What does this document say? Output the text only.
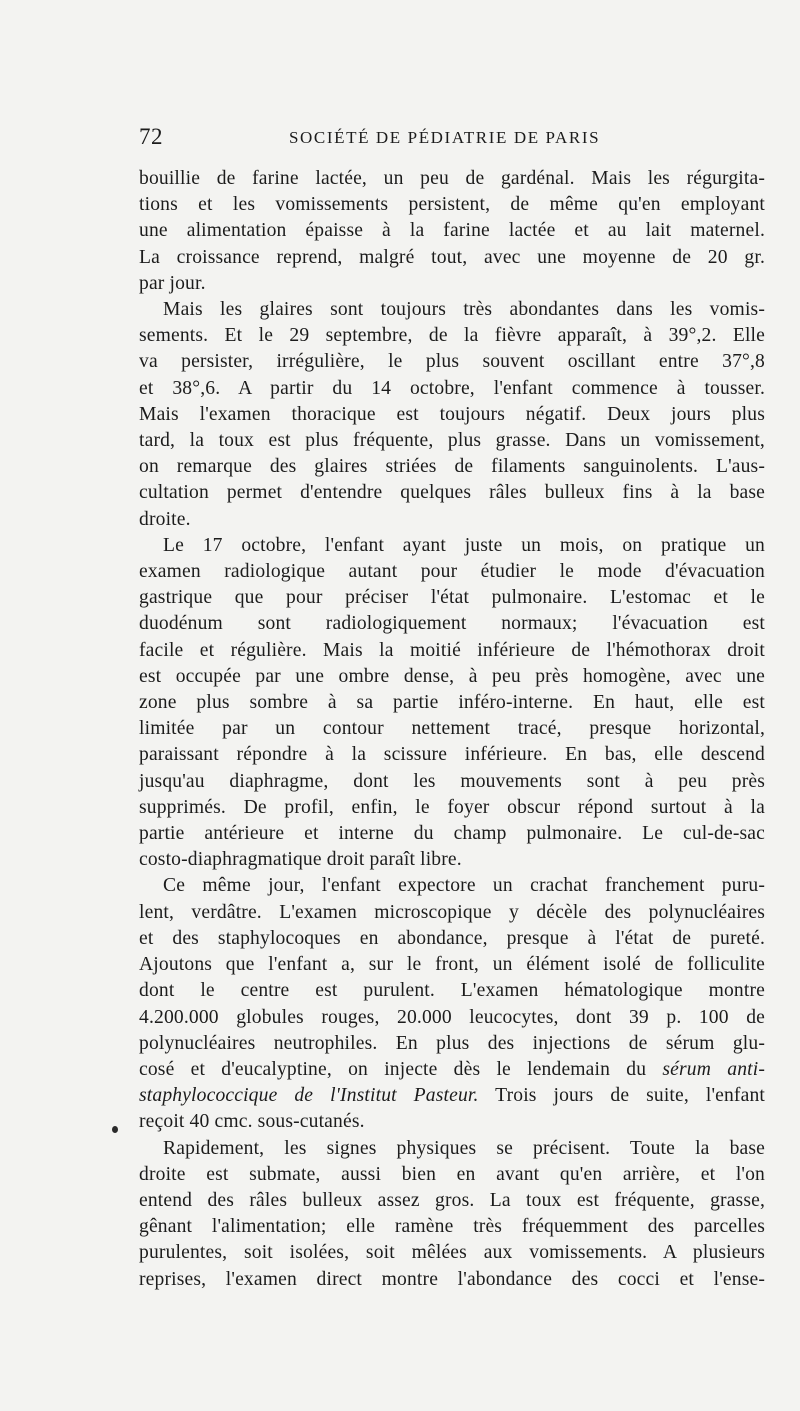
72	SOCIÉTÉ DE PÉDIATRIE DE PARIS

bouillie de farine lactée, un peu de gardénal. Mais les régurgita-
tions et les vomissements persistent, de même qu'en employant
une alimentation épaisse à la farine lactée et au lait maternel.
La croissance reprend, malgré tout, avec une moyenne de 20 gr.
par jour.

Mais les glaires sont toujours très abondantes dans les vomis-
sements. Et le 29 septembre, de la fièvre apparaît, à 39°,2. Elle
va persister, irrégulière, le plus souvent oscillant entre 37°,8
et 38°,6. A partir du 14 octobre, l'enfant commence à tousser.
Mais l'examen thoracique est toujours négatif. Deux jours plus
tard, la toux est plus fréquente, plus grasse. Dans un vomissement,
on remarque des glaires striées de filaments sanguinolents. L'aus-
cultation permet d'entendre quelques râles bulleux fins à la base
droite.

Le 17 octobre, l'enfant ayant juste un mois, on pratique un
examen radiologique autant pour étudier le mode d'évacuation
gastrique que pour préciser l'état pulmonaire. L'estomac et le
duodénum sont radiologiquement normaux; l'évacuation est
facile et régulière. Mais la moitié inférieure de l'hémothorax droit
est occupée par une ombre dense, à peu près homogène, avec une
zone plus sombre à sa partie inféro-interne. En haut, elle est
limitée par un contour nettement tracé, presque horizontal,
paraissant répondre à la scissure inférieure. En bas, elle descend
jusqu'au diaphragme, dont les mouvements sont à peu près
supprimés. De profil, enfin, le foyer obscur répond surtout à la
partie antérieure et interne du champ pulmonaire. Le cul-de-sac
costo-diaphragmatique droit paraît libre.

Ce même jour, l'enfant expectore un crachat franchement puru-
lent, verdâtre. L'examen microscopique y décèle des polynucléaires
et des staphylocoques en abondance, presque à l'état de pureté.
Ajoutons que l'enfant a, sur le front, un élément isolé de folliculite
dont le centre est purulent. L'examen hématologique montre
4.200.000 globules rouges, 20.000 leucocytes, dont 39 p. 100 de
polynucléaires neutrophiles. En plus des injections de sérum glu-
cosé et d'eucalyptine, on injecte dès le lendemain du sérum anti-
staphylococcique de l'Institut Pasteur. Trois jours de suite, l'enfant
reçoit 40 cmc. sous-cutanés.

Rapidement, les signes physiques se précisent. Toute la base
droite est submate, aussi bien en avant qu'en arrière, et l'on
entend des râles bulleux assez gros. La toux est fréquente, grasse,
gênant l'alimentation; elle ramène très fréquemment des parcelles
purulentes, soit isolées, soit mêlées aux vomissements. A plusieurs
reprises, l'examen direct montre l'abondance des cocci et l'ense-
